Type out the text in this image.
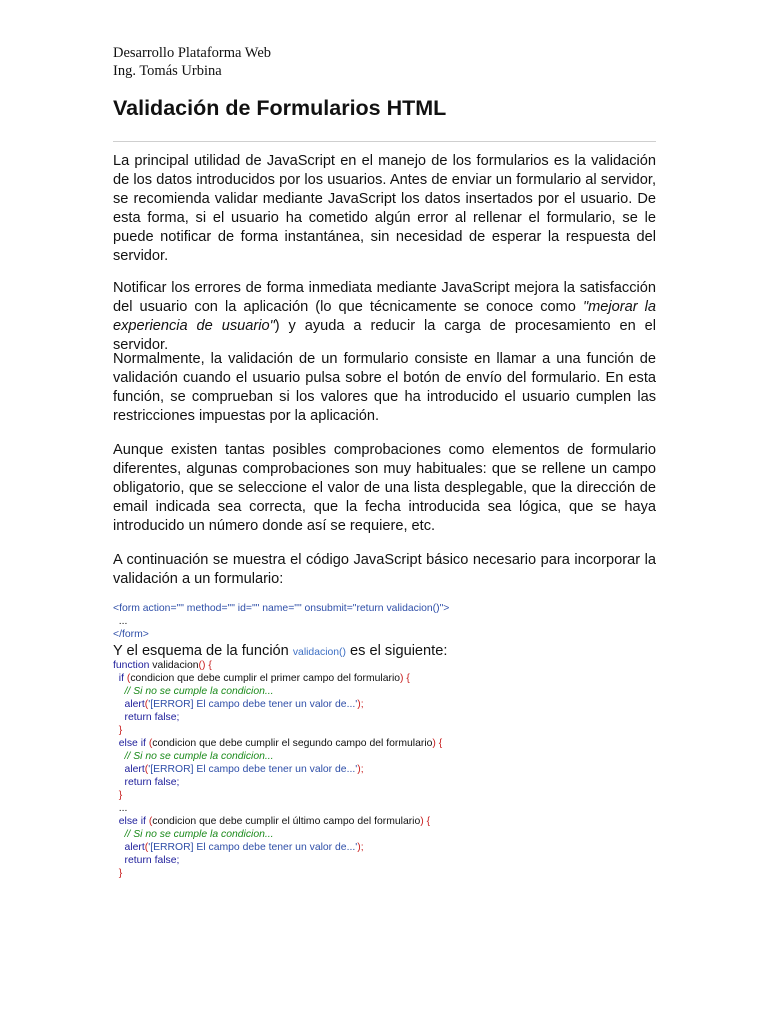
Desarrollo Plataforma Web
Ing. Tomás Urbina
Validación de Formularios HTML

La principal utilidad de JavaScript en el manejo de los formularios es la validación de los datos introducidos por los usuarios. Antes de enviar un formulario al servidor, se recomienda validar mediante JavaScript los datos insertados por el usuario. De esta forma, si el usuario ha cometido algún error al rellenar el formulario, se le puede notificar de forma instantánea, sin necesidad de esperar la respuesta del servidor.

Notificar los errores de forma inmediata mediante JavaScript mejora la satisfacción del usuario con la aplicación (lo que técnicamente se conoce como "mejorar la experiencia de usuario") y ayuda a reducir la carga de procesamiento en el servidor.

Normalmente, la validación de un formulario consiste en llamar a una función de validación cuando el usuario pulsa sobre el botón de envío del formulario. En esta función, se comprueban si los valores que ha introducido el usuario cumplen las restricciones impuestas por la aplicación.

Aunque existen tantas posibles comprobaciones como elementos de formulario diferentes, algunas comprobaciones son muy habituales: que se rellene un campo obligatorio, que se seleccione el valor de una lista desplegable, que la dirección de email indicada sea correcta, que la fecha introducida sea lógica, que se haya introducido un número donde así se requiere, etc.

A continuación se muestra el código JavaScript básico necesario para incorporar la validación a un formulario:

<form action="" method="" id="" name="" onsubmit="return validacion()">
...
</form>
Y el esquema de la función validacion() es el siguiente:
function validacion() {
if (condicion que debe cumplir el primer campo del formulario) {
// Si no se cumple la condicion...
alert('[ERROR] El campo debe tener un valor de...');
return false;
}
else if (condicion que debe cumplir el segundo campo del formulario) {
// Si no se cumple la condicion...
alert('[ERROR] El campo debe tener un valor de...');
return false;
}
...
else if (condicion que debe cumplir el último campo del formulario) {
// Si no se cumple la condicion...
alert('[ERROR] El campo debe tener un valor de...');
return false;
}
